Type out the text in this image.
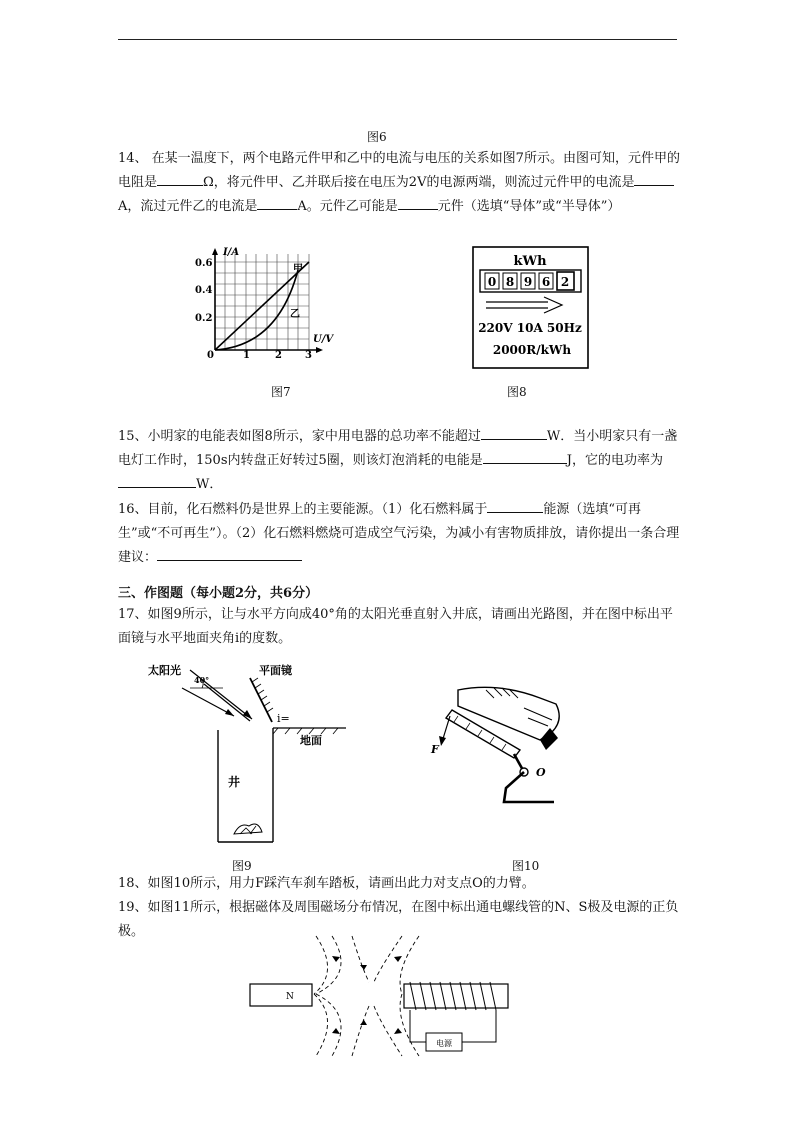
图6

14、 在某一温度下，两个电路元件甲和乙中的电流与电压的关系如图7所示。由图可知，元件甲的电阻是	Ω，将元件甲、乙并联后接在电压为2V的电源两端，则流过元件甲的电流是A，流过元件乙的电流是	A。元件乙可能是	元件（选填“导体”或“半导体”）

甲
乙
I/A
U/V
0.6
0.4
0.2
0	1	2 3
图7
kWh
0 8 9 6 2
220V 10A 50Hz
2000R/kWh
图8

15、小明家的电能表如图8所示，家中用电器的总功率不能超过	W．当小明家只有一盏电灯工作时，150s内转盘正好转过5圈，则该灯泡消耗的电能是	J，它的电功率为W．

16、目前，化石燃料仍是世界上的主要能源。（1）化石燃料属于	能源（选填“可再生”或“不可再生”）。（2）化石燃料燃烧可造成空气污染，为减小有害物质排放，请你提出一条合理建议：

三、作图题（每小题2分，共6分）

17、如图9所示，让与水平方向成40°角的太阳光垂直射入井底，请画出光路图，并在图中标出平面镜与水平地面夹角i的度数。

太阳光
40°
平面镜
i=
地面
井
图9
F
O
图10

18、如图10所示，用力F踩汽车刹车踏板，请画出此力对支点O的力臂。

19、如图11所示，根据磁体及周围磁场分布情况，在图中标出通电螺线管的N、S极及电源的正负极。

N
电源
